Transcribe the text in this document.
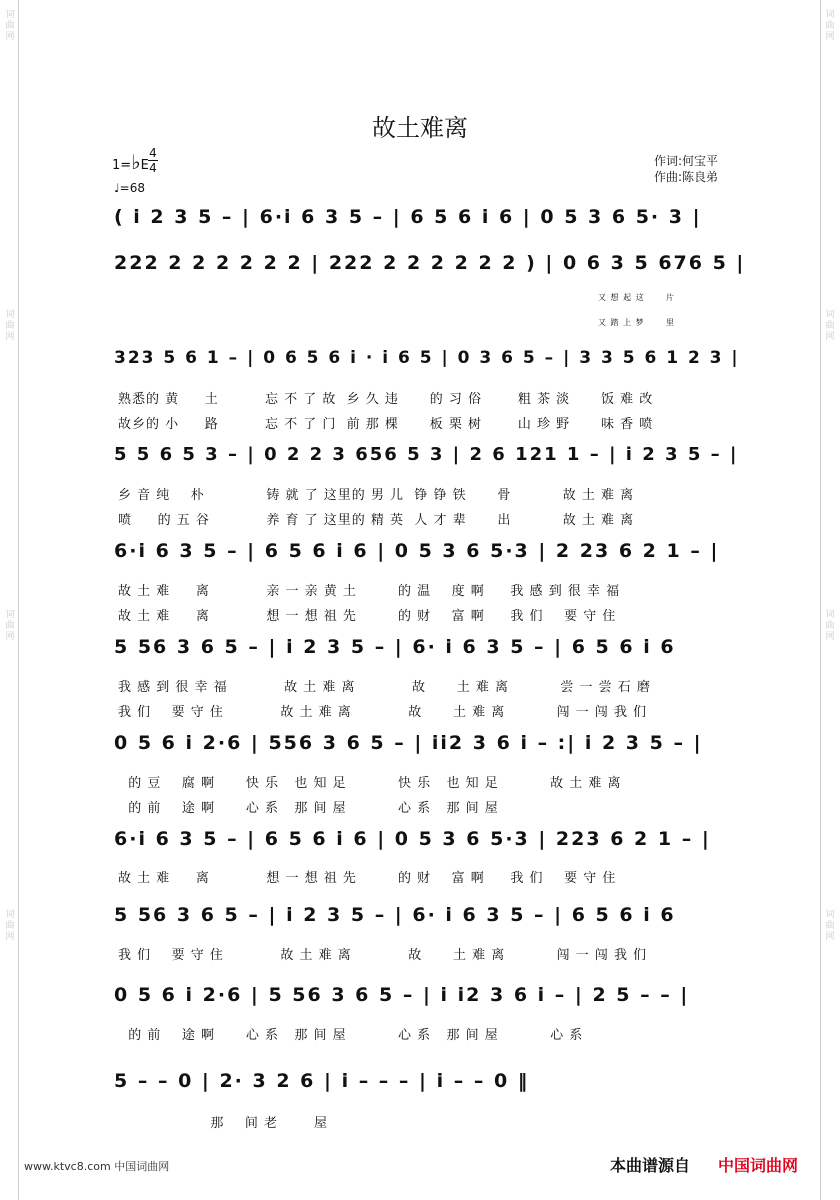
词曲网
词曲网
词曲网
词曲网
词曲网
词曲网
词曲网
词曲网
故土难离
1=♭E
4
4
♩=68
作词:何宝平
作曲:陈良弟
( i 2 3 5 – | 6·i 6 3 5 – | 6 5 6 i 6 | 0 5 3 6 5· 3 |
222 2 2 2 2 2 2 | 222 2 2 2 2 2 2 ) | 0 6 3 5 676 5 |
又 想 起 这      片
又 踏 上 梦      里
323 5 6 1 – | 0 6 5 6 i · i 6 5 | 0 3 6 5 – | 3 3 5 6 1 2 3 |
熟悉的 黄     土         忘 不 了 故  乡 久 违      的 习 俗       粗 茶 淡      饭 难 改
故乡的 小     路         忘 不 了 门  前 那 棵      板 栗 树       山 珍 野      味 香 喷
5 5 6 5 3 – | 0 2 2 3 656 5 3 | 2 6 121 1 – | i 2 3 5 – |
乡 音 纯    朴            铸 就 了 这里的 男 儿  铮 铮 铁      骨          故 土 难 离
喷     的 五 谷           养 育 了 这里的 精 英  人 才 辈      出          故 土 难 离
6·i 6 3 5 – | 6 5 6 i 6 | 0 5 3 6 5·3 | 2 23 6 2 1 – |
故 土 难     离           亲 一 亲 黄 土        的 温    度 啊     我 感 到 很 幸 福
故 土 难     离           想 一 想 祖 先        的 财    富 啊     我 们    要 守 住
5 56 3 6 5 – | i 2 3 5 – | 6· i 6 3 5 – | 6 5 6 i 6
我 感 到 很 幸 福           故 土 难 离           故      土 难 离          尝 一 尝 石 磨
我 们    要 守 住           故 土 难 离           故      土 难 离          闯 一 闯 我 们
0 5 6 i 2·6 | 556 3 6 5 – | ii2 3 6 i – :| i 2 3 5 – |
的 豆    腐 啊      快 乐   也 知 足          快 乐   也 知 足          故 土 难 离
的 前    途 啊      心 系   那 间 屋          心 系   那 间 屋
6·i 6 3 5 – | 6 5 6 i 6 | 0 5 3 6 5·3 | 223 6 2 1 – |
故 土 难     离           想 一 想 祖 先        的 财    富 啊     我 们    要 守 住
5 56 3 6 5 – | i 2 3 5 – | 6· i 6 3 5 – | 6 5 6 i 6
我 们    要 守 住           故 土 难 离           故      土 难 离          闯 一 闯 我 们
0 5 6 i 2·6 | 5 56 3 6 5 – | i i2 3 6 i – | 2 5 – – |
的 前    途 啊      心 系   那 间 屋          心 系   那 间 屋          心 系
5 – – 0 | 2· 3 2 6 | i – – – | i – – 0 ‖
那    间 老       屋
www.ktvc8.com 中国词曲网	本曲谱源自 中国词曲网
